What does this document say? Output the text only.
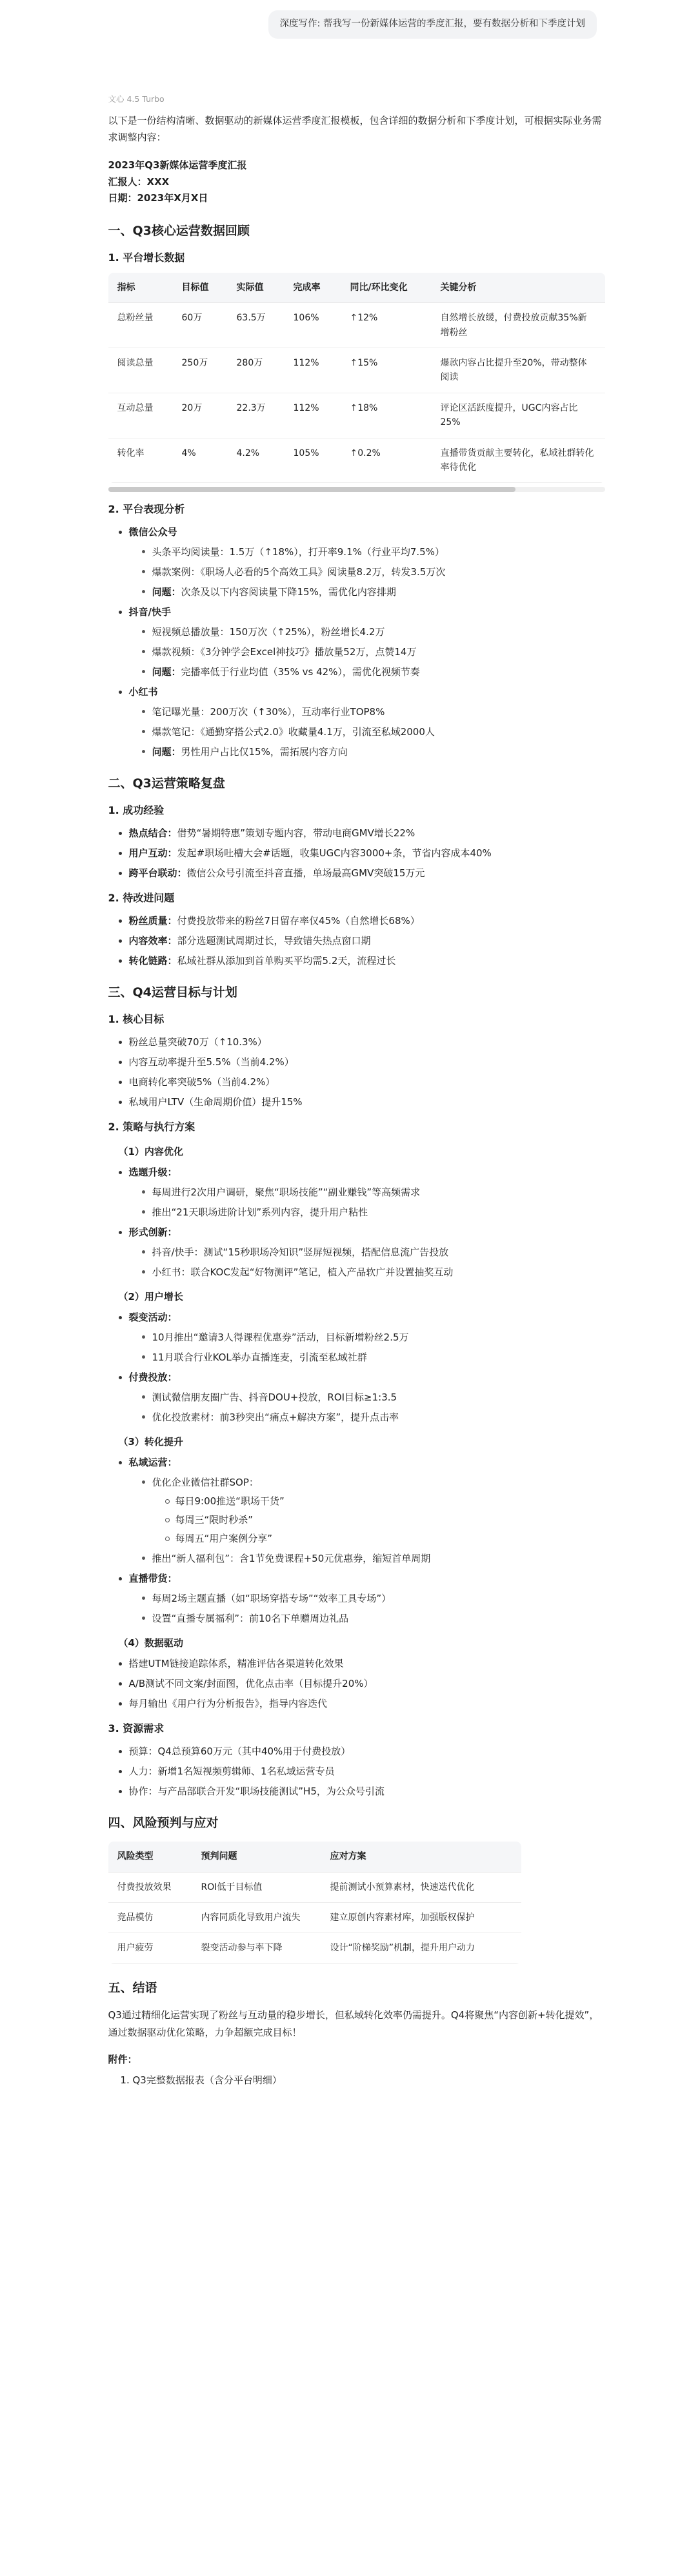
深度写作: 帮我写一份新媒体运营的季度汇报，要有数据分析和下季度计划
文心 4.5 Turbo
以下是一份结构清晰、数据驱动的新媒体运营季度汇报模板，包含详细的数据分析和下季度计划，可根据实际业务需求调整内容：
2023年Q3新媒体运营季度汇报
汇报人：XXX
日期：2023年X月X日
一、Q3核心运营数据回顾
1. 平台增长数据
指标	目标值	实际值	完成率	同比/环比变化	关键分析
总粉丝量	60万	63.5万	106%	↑12%	自然增长放缓，付费投放贡献35%新增粉丝
阅读总量	250万	280万	112%	↑15%	爆款内容占比提升至20%，带动整体阅读
互动总量	20万	22.3万	112%	↑18%	评论区活跃度提升，UGC内容占比25%
转化率	4%	4.2%	105%	↑0.2%	直播带货贡献主要转化，私域社群转化率待优化
2. 平台表现分析
微信公众号
头条平均阅读量：1.5万（↑18%），打开率9.1%（行业平均7.5%）
爆款案例：《职场人必看的5个高效工具》阅读量8.2万，转发3.5万次
问题：次条及以下内容阅读量下降15%，需优化内容排期
抖音/快手
短视频总播放量：150万次（↑25%），粉丝增长4.2万
爆款视频：《3分钟学会Excel神技巧》播放量52万，点赞14万
问题：完播率低于行业均值（35% vs 42%），需优化视频节奏
小红书
笔记曝光量：200万次（↑30%），互动率行业TOP8%
爆款笔记：《通勤穿搭公式2.0》收藏量4.1万，引流至私域2000人
问题：男性用户占比仅15%，需拓展内容方向
二、Q3运营策略复盘
1. 成功经验
热点结合：借势“暑期特惠”策划专题内容，带动电商GMV增长22%
用户互动：发起#职场吐槽大会#话题，收集UGC内容3000+条，节省内容成本40%
跨平台联动：微信公众号引流至抖音直播，单场最高GMV突破15万元
2. 待改进问题
粉丝质量：付费投放带来的粉丝7日留存率仅45%（自然增长68%）
内容效率：部分选题测试周期过长，导致错失热点窗口期
转化链路：私域社群从添加到首单购买平均需5.2天，流程过长
三、Q4运营目标与计划
1. 核心目标
粉丝总量突破70万（↑10.3%）
内容互动率提升至5.5%（当前4.2%）
电商转化率突破5%（当前4.2%）
私域用户LTV（生命周期价值）提升15%
2. 策略与执行方案
（1）内容优化
选题升级：
每周进行2次用户调研，聚焦“职场技能”“副业赚钱”等高频需求
推出“21天职场进阶计划”系列内容，提升用户粘性
形式创新：
抖音/快手：测试“15秒职场冷知识”竖屏短视频，搭配信息流广告投放
小红书：联合KOC发起“好物测评”笔记，植入产品软广并设置抽奖互动
（2）用户增长
裂变活动：
10月推出“邀请3人得课程优惠券”活动，目标新增粉丝2.5万
11月联合行业KOL举办直播连麦，引流至私域社群
付费投放：
测试微信朋友圈广告、抖音DOU+投放，ROI目标≥1:3.5
优化投放素材：前3秒突出“痛点+解决方案”，提升点击率
（3）转化提升
私域运营：
优化企业微信社群SOP：
每日9:00推送“职场干货”
每周三“限时秒杀”
每周五“用户案例分享”
推出“新人福利包”：含1节免费课程+50元优惠券，缩短首单周期
直播带货：
每周2场主题直播（如“职场穿搭专场”“效率工具专场”）
设置“直播专属福利”：前10名下单赠周边礼品
（4）数据驱动
搭建UTM链接追踪体系，精准评估各渠道转化效果
A/B测试不同文案/封面图，优化点击率（目标提升20%）
每月输出《用户行为分析报告》，指导内容迭代
3. 资源需求
预算：Q4总预算60万元（其中40%用于付费投放）
人力：新增1名短视频剪辑师、1名私域运营专员
协作：与产品部联合开发“职场技能测试”H5，为公众号引流
四、风险预判与应对
风险类型	预判问题	应对方案
付费投放效果	ROI低于目标值	提前测试小预算素材，快速迭代优化
竞品模仿	内容同质化导致用户流失	建立原创内容素材库，加强版权保护
用户疲劳	裂变活动参与率下降	设计“阶梯奖励”机制，提升用户动力
五、结语
Q3通过精细化运营实现了粉丝与互动量的稳步增长，但私域转化效率仍需提升。Q4将聚焦“内容创新+转化提效”，通过数据驱动优化策略，力争超额完成目标！
附件：
1. Q3完整数据报表（含分平台明细）
